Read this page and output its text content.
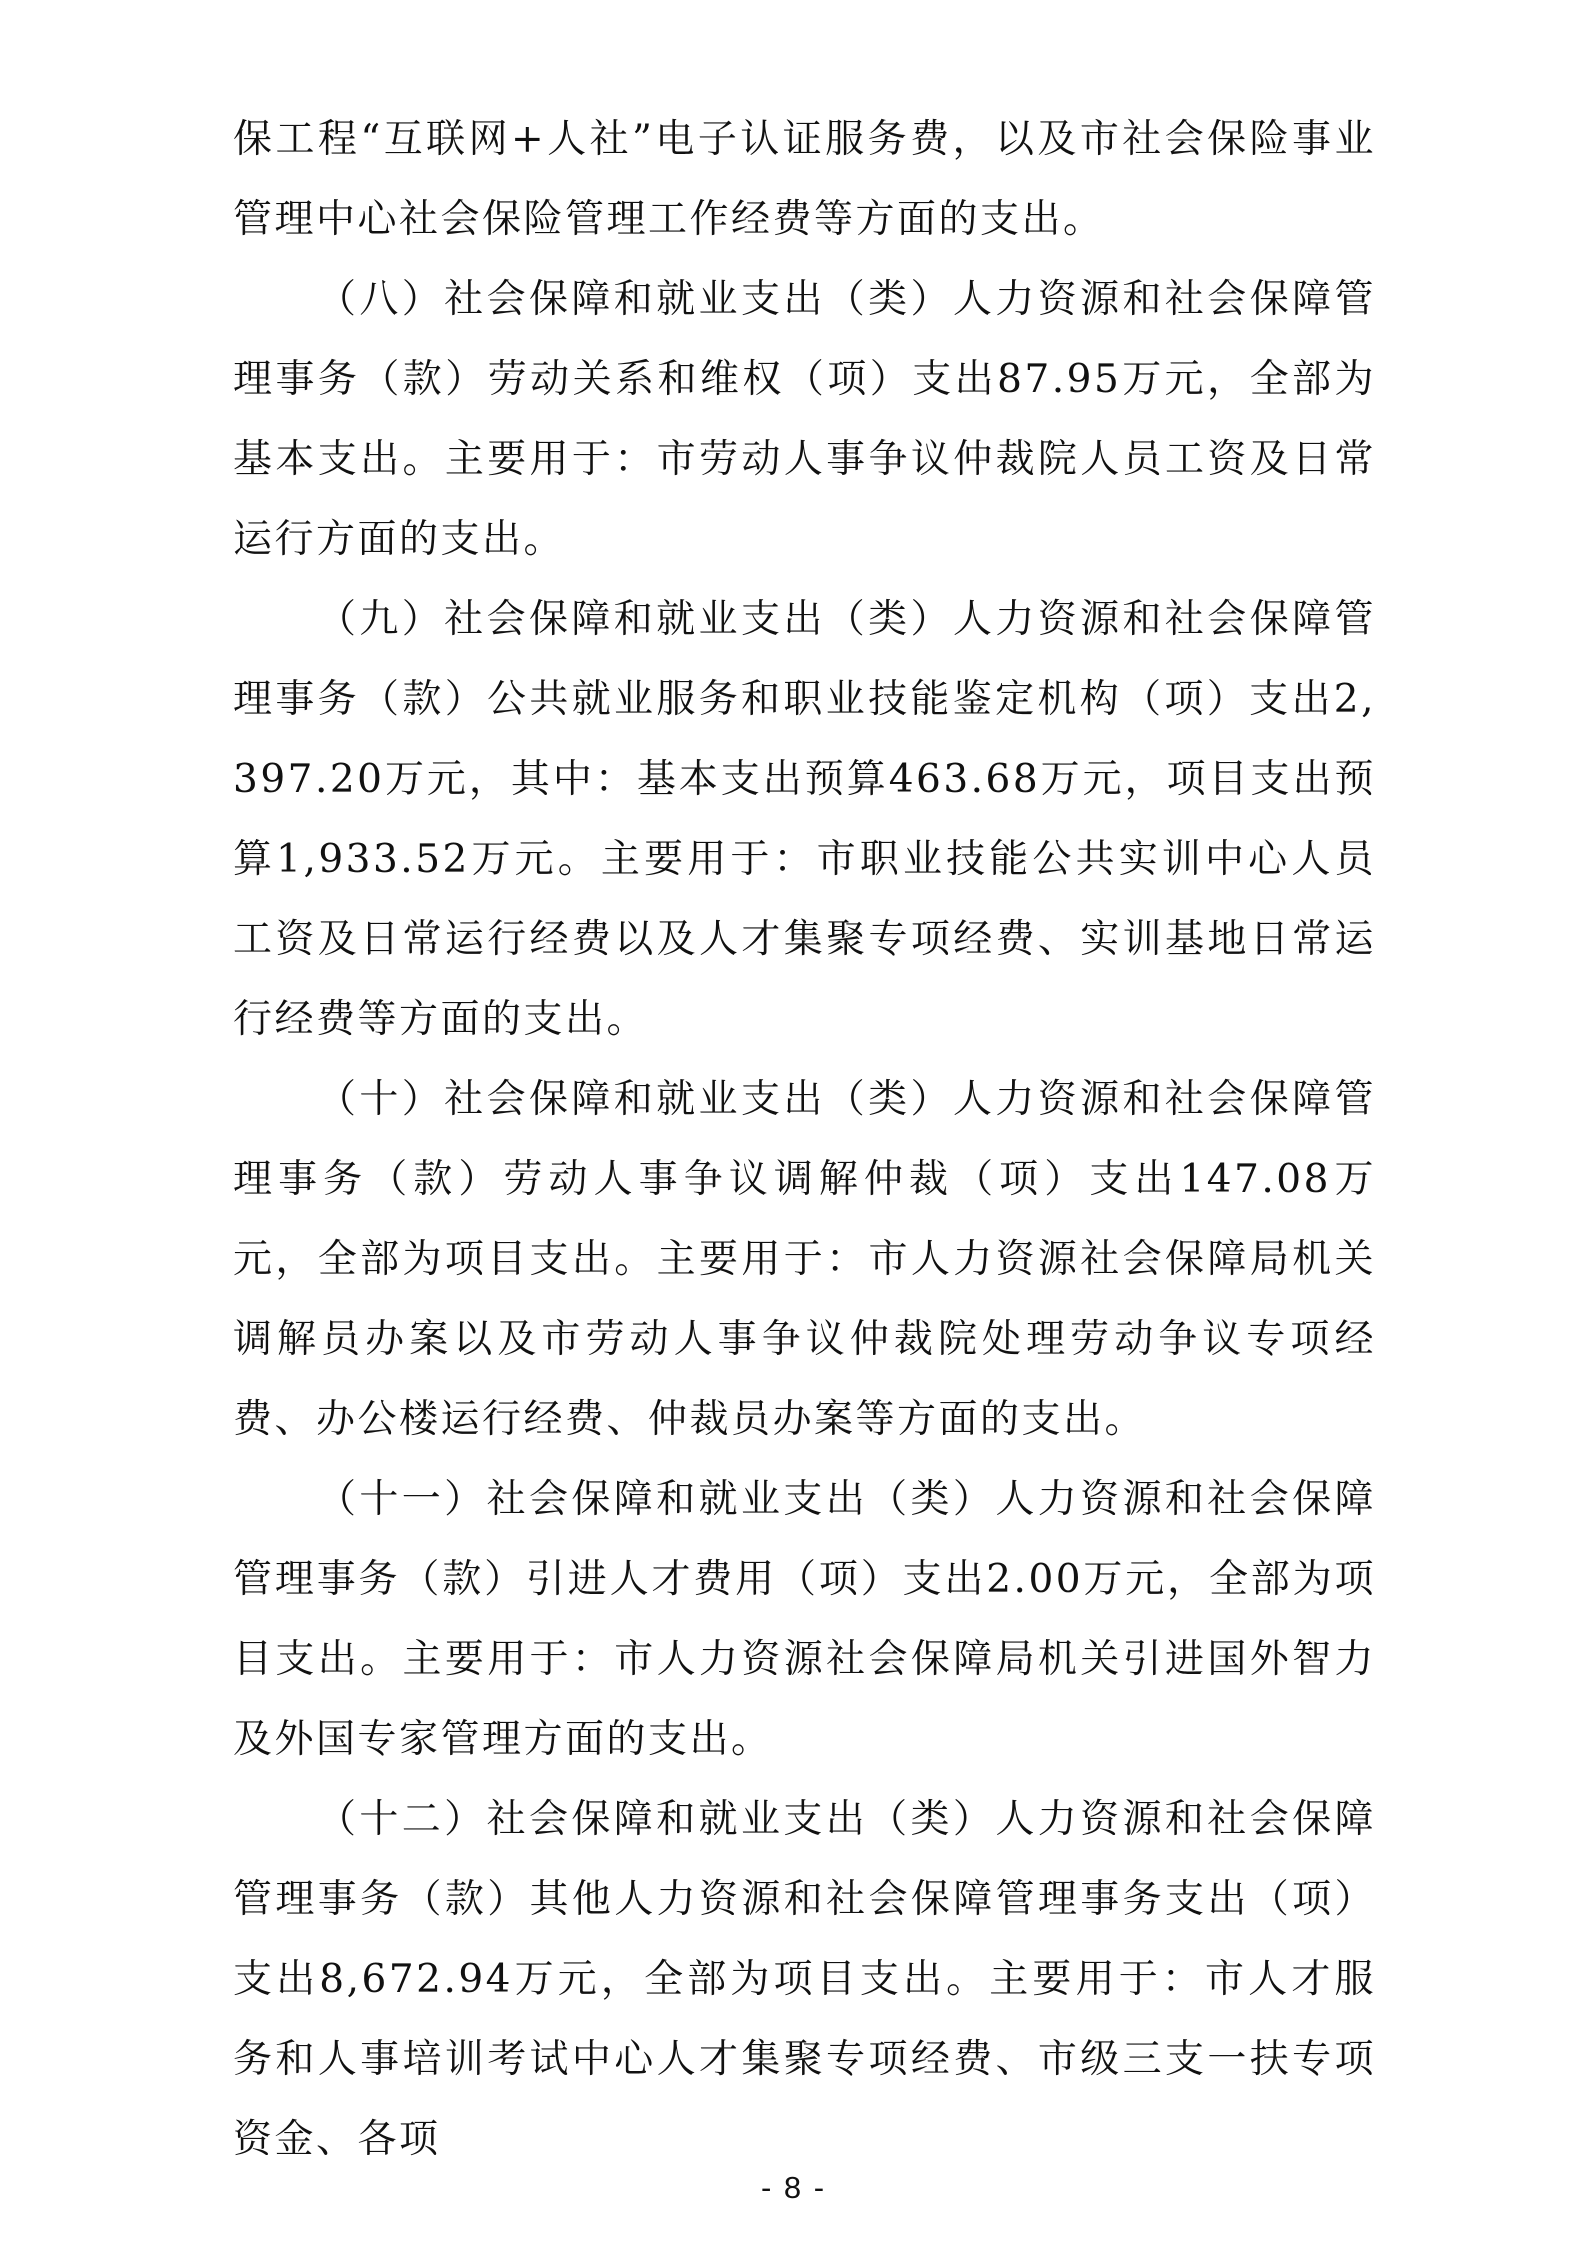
保工程“互联网+人社”电子认证服务费，以及市社会保险事业管理中心社会保险管理工作经费等方面的支出。

（八）社会保障和就业支出（类）人力资源和社会保障管理事务（款）劳动关系和维权（项）支出87.95万元，全部为基本支出。主要用于：市劳动人事争议仲裁院人员工资及日常运行方面的支出。

（九）社会保障和就业支出（类）人力资源和社会保障管理事务（款）公共就业服务和职业技能鉴定机构（项）支出2,397.20万元，其中：基本支出预算463.68万元，项目支出预算1,933.52万元。主要用于：市职业技能公共实训中心人员工资及日常运行经费以及人才集聚专项经费、实训基地日常运行经费等方面的支出。

（十）社会保障和就业支出（类）人力资源和社会保障管理事务（款）劳动人事争议调解仲裁（项）支出147.08万元，全部为项目支出。主要用于：市人力资源社会保障局机关调解员办案以及市劳动人事争议仲裁院处理劳动争议专项经费、办公楼运行经费、仲裁员办案等方面的支出。

（十一）社会保障和就业支出（类）人力资源和社会保障管理事务（款）引进人才费用（项）支出2.00万元，全部为项目支出。主要用于：市人力资源社会保障局机关引进国外智力及外国专家管理方面的支出。

（十二）社会保障和就业支出（类）人力资源和社会保障管理事务（款）其他人力资源和社会保障管理事务支出（项）支出8,672.94万元，全部为项目支出。主要用于：市人才服务和人事培训考试中心人才集聚专项经费、市级三支一扶专项资金、各项

- 8 -
